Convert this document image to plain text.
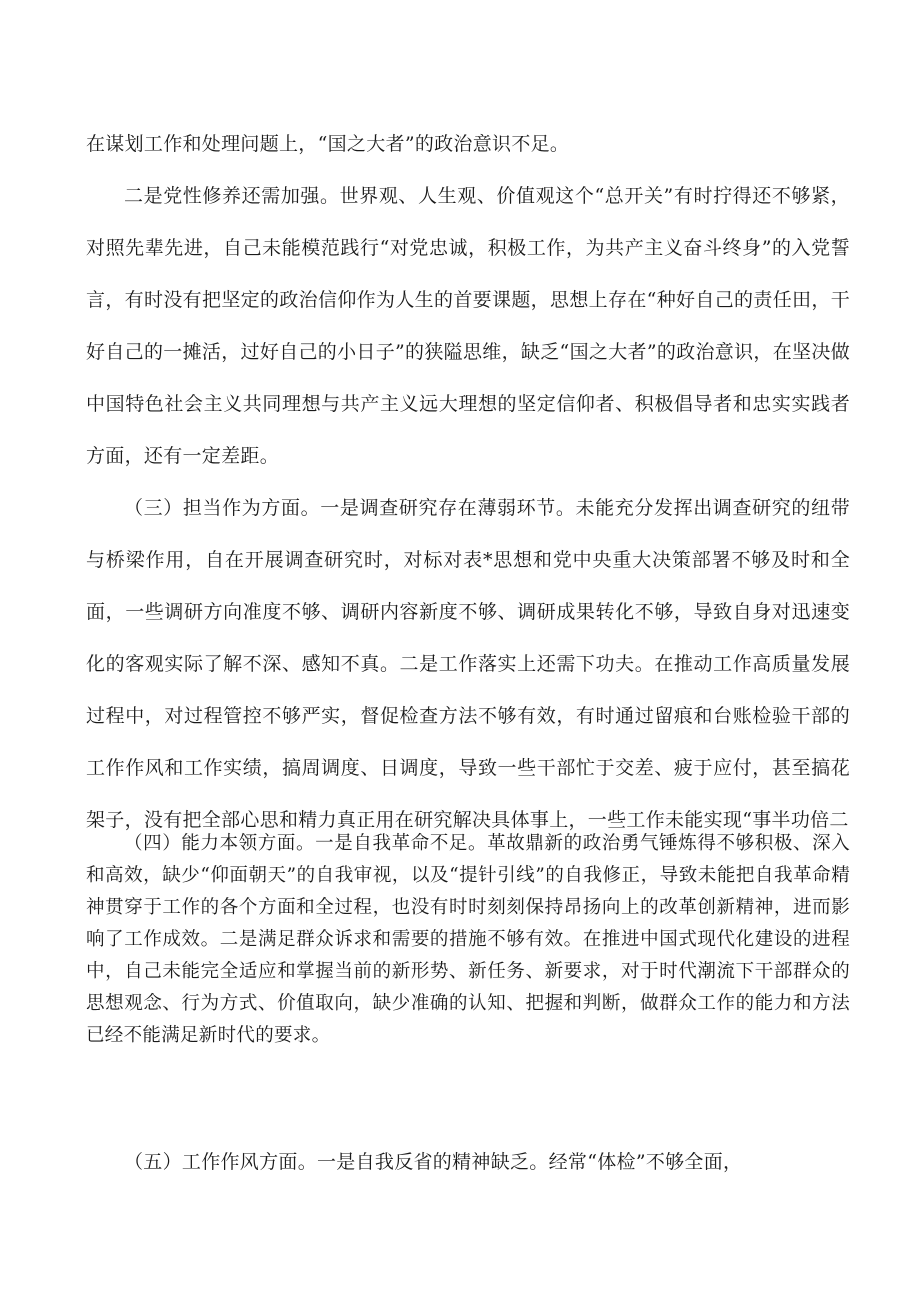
在谋划工作和处理问题上，“国之大者”的政治意识不足。

二是党性修养还需加强。世界观、人生观、价值观这个“总开关”有时拧得还不够紧，对照先辈先进，自己未能模范践行“对党忠诚，积极工作，为共产主义奋斗终身”的入党誓言，有时没有把坚定的政治信仰作为人生的首要课题，思想上存在“种好自己的责任田，干好自己的一摊活，过好自己的小日子”的狭隘思维，缺乏“国之大者”的政治意识，在坚决做中国特色社会主义共同理想与共产主义远大理想的坚定信仰者、积极倡导者和忠实实践者方面，还有一定差距。

（三）担当作为方面。一是调查研究存在薄弱环节。未能充分发挥出调查研究的纽带与桥梁作用，自在开展调查研究时，对标对表*思想和党中央重大决策部署不够及时和全面，一些调研方向准度不够、调研内容新度不够、调研成果转化不够，导致自身对迅速变化的客观实际了解不深、感知不真。二是工作落实上还需下功夫。在推动工作高质量发展过程中，对过程管控不够严实，督促检查方法不够有效，有时通过留痕和台账检验干部的工作作风和工作实绩，搞周调度、日调度，导致一些干部忙于交差、疲于应付，甚至搞花架子，没有把全部心思和精力真正用在研究解决具体事上，一些工作未能实现“事半功倍二

（四）能力本领方面。一是自我革命不足。革故鼎新的政治勇气锤炼得不够积极、深入和高效，缺少“仰面朝天”的自我审视，以及“提针引线”的自我修正，导致未能把自我革命精神贯穿于工作的各个方面和全过程，也没有时时刻刻保持昂扬向上的改革创新精神，进而影响了工作成效。二是满足群众诉求和需要的措施不够有效。在推进中国式现代化建设的进程中，自己未能完全适应和掌握当前的新形势、新任务、新要求，对于时代潮流下干部群众的思想观念、行为方式、价值取向，缺少准确的认知、把握和判断，做群众工作的能力和方法已经不能满足新时代的要求。

（五）工作作风方面。一是自我反省的精神缺乏。经常“体检”不够全面，
